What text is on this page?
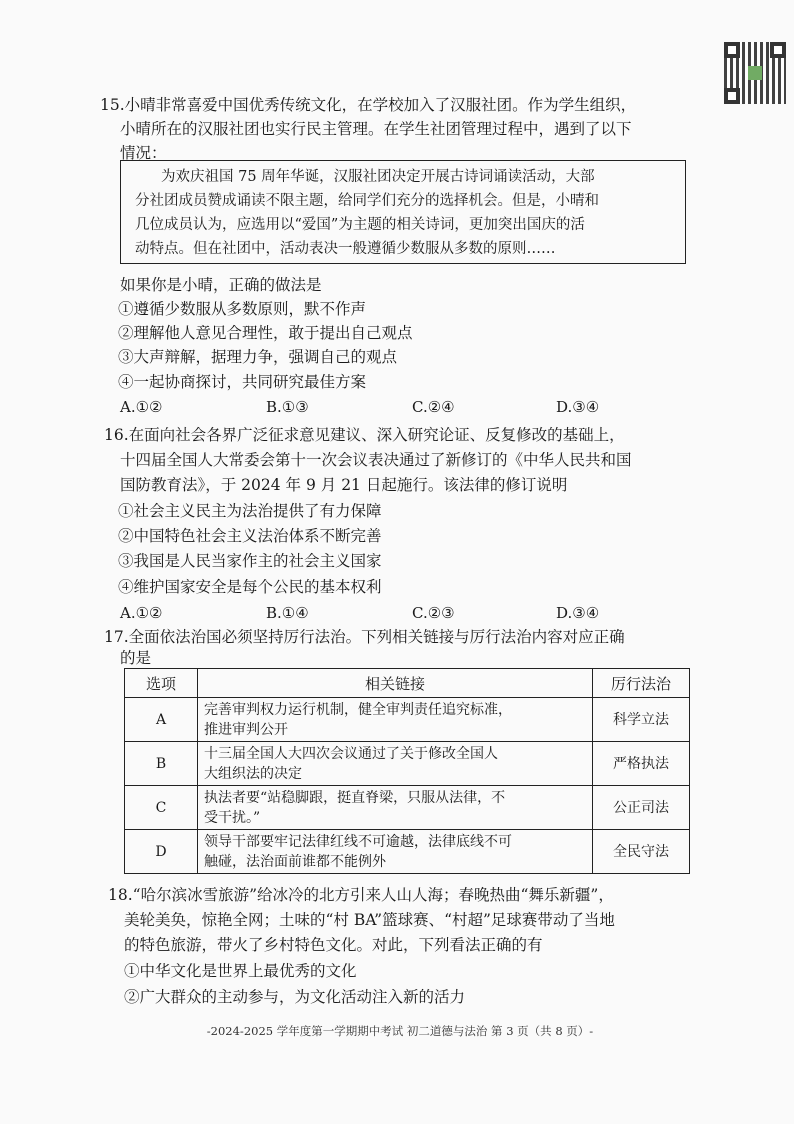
15.小晴非常喜爱中国优秀传统文化，在学校加入了汉服社团。作为学生组织，
小晴所在的汉服社团也实行民主管理。在学生社团管理过程中，遇到了以下
情况：
为欢庆祖国 75 周年华诞，汉服社团决定开展古诗词诵读活动，大部
分社团成员赞成诵读不限主题，给同学们充分的选择机会。但是，小晴和
几位成员认为，应选用以“爱国”为主题的相关诗词，更加突出国庆的活
动特点。但在社团中，活动表决一般遵循少数服从多数的原则……
如果你是小晴，正确的做法是
①遵循少数服从多数原则，默不作声
②理解他人意见合理性，敢于提出自己观点
③大声辩解，据理力争，强调自己的观点
④一起协商探讨，共同研究最佳方案
A.①②	B.①③	C.②④	D.③④
16.在面向社会各界广泛征求意见建议、深入研究论证、反复修改的基础上，
十四届全国人大常委会第十一次会议表决通过了新修订的《中华人民共和国
国防教育法》，于 2024 年 9 月 21 日起施行。该法律的修订说明
①社会主义民主为法治提供了有力保障
②中国特色社会主义法治体系不断完善
③我国是人民当家作主的社会主义国家
④维护国家安全是每个公民的基本权利
A.①②	B.①④	C.②③	D.③④
17.全面依法治国必须坚持厉行法治。下列相关链接与厉行法治内容对应正确
的是
选项	相关链接	厉行法治
A	完善审判权力运行机制，健全审判责任追究标准，
推进审判公开	科学立法
B	十三届全国人大四次会议通过了关于修改全国人
大组织法的决定	严格执法
C	执法者要“站稳脚跟，挺直脊梁，只服从法律，不
受干扰。”	公正司法
D	领导干部要牢记法律红线不可逾越，法律底线不可
触碰，法治面前谁都不能例外	全民守法
18.“哈尔滨冰雪旅游”给冰冷的北方引来人山人海；春晚热曲“舞乐新疆”，
美轮美奂，惊艳全网；土味的“村 BA”篮球赛、“村超”足球赛带动了当地
的特色旅游，带火了乡村特色文化。对此，下列看法正确的有
①中华文化是世界上最优秀的文化
②广大群众的主动参与，为文化活动注入新的活力
-2024-2025 学年度第一学期期中考试 初二道德与法治 第 3 页（共 8 页）-
